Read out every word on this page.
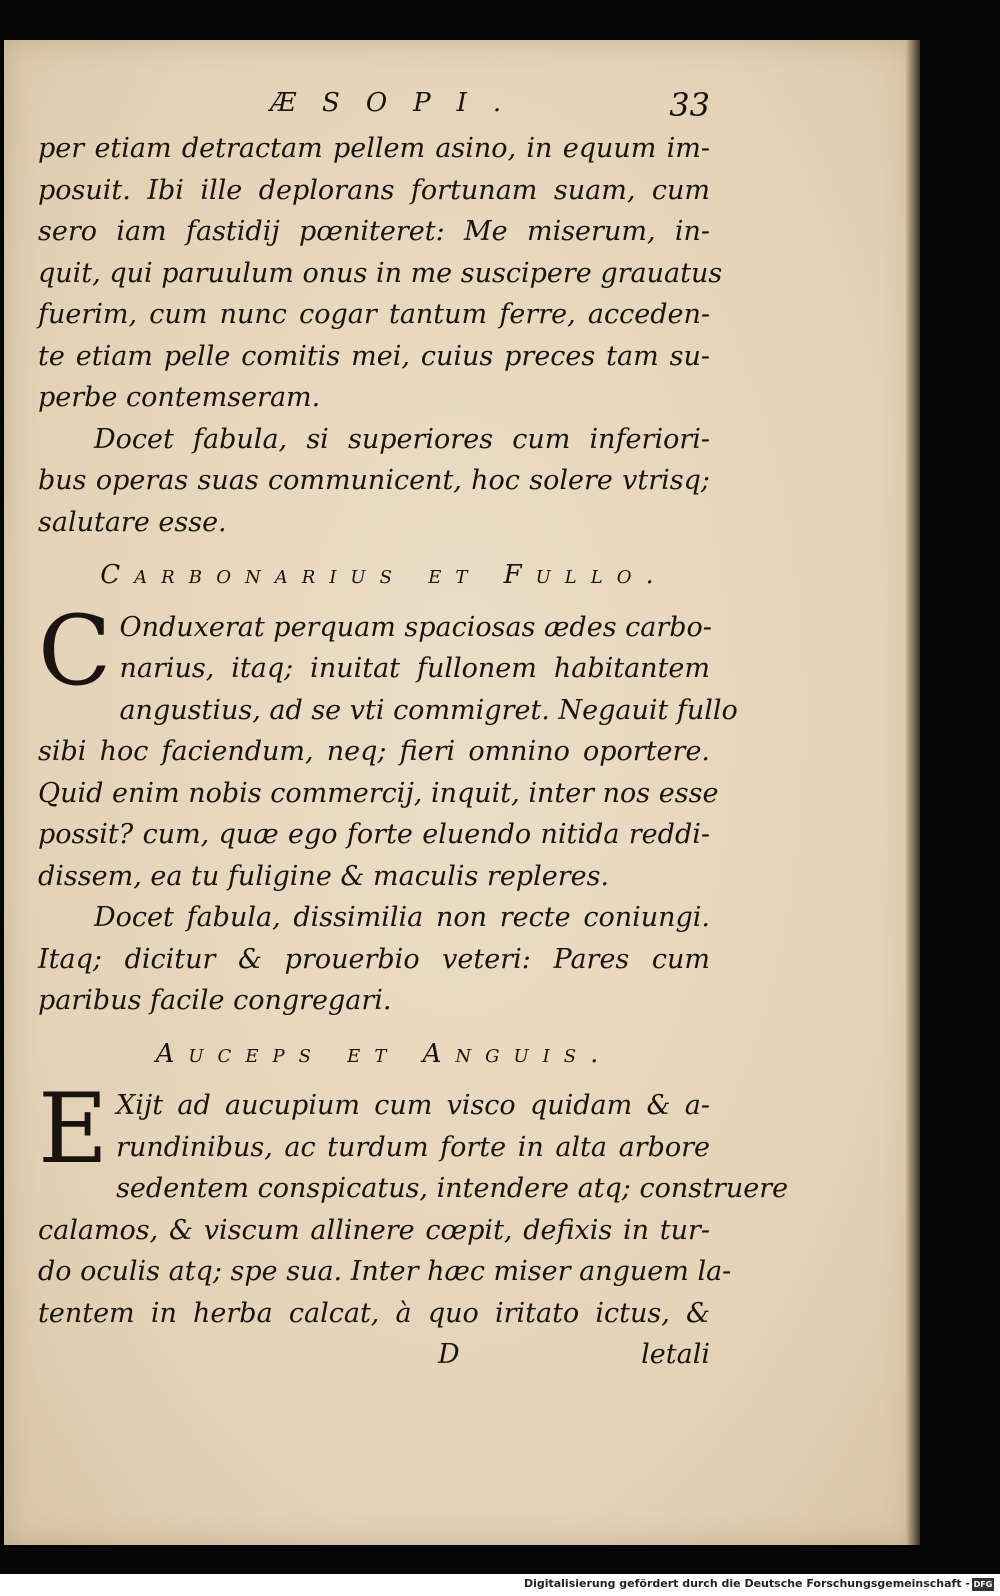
ÆSOPI.	33
per etiam detractam pellem asino, in equum im-
posuit. Ibi ille deplorans fortunam suam, cum
sero iam fastidij pœniteret: Me miserum, in-
quit, qui paruulum onus in me suscipere grauatus
fuerim, cum nunc cogar tantum ferre, acceden-
te etiam pelle comitis mei, cuius preces tam su-
perbe contemseram.
Docet fabula, si superiores cum inferiori-
bus operas suas communicent, hoc solere vtrisq;
salutare esse.
Carbonarius et Fullo.
C Onduxerat perquam spaciosas ædes carbo-
narius, itaq; inuitat fullonem habitantem
angustius, ad se vti commigret. Negauit fullo
sibi hoc faciendum, neq; fieri omnino oportere.
Quid enim nobis commercij, inquit, inter nos esse
possit? cum, quæ ego forte eluendo nitida reddi-
dissem, ea tu fuligine & maculis repleres.
Docet fabula, dissimilia non recte coniungi.
Itaq; dicitur & prouerbio veteri: Pares cum
paribus facile congregari.
Auceps et Anguis.
E Xijt ad aucupium cum visco quidam & a-
rundinibus, ac turdum forte in alta arbore
sedentem conspicatus, intendere atq; construere
calamos, & viscum allinere cœpit, defixis in tur-
do oculis atq; spe sua. Inter hæc miser anguem la-
tentem in herba calcat, à quo iritato ictus, &
D	letali
Digitalisierung gefördert durch die Deutsche Forschungsgemeinschaft - DFG
